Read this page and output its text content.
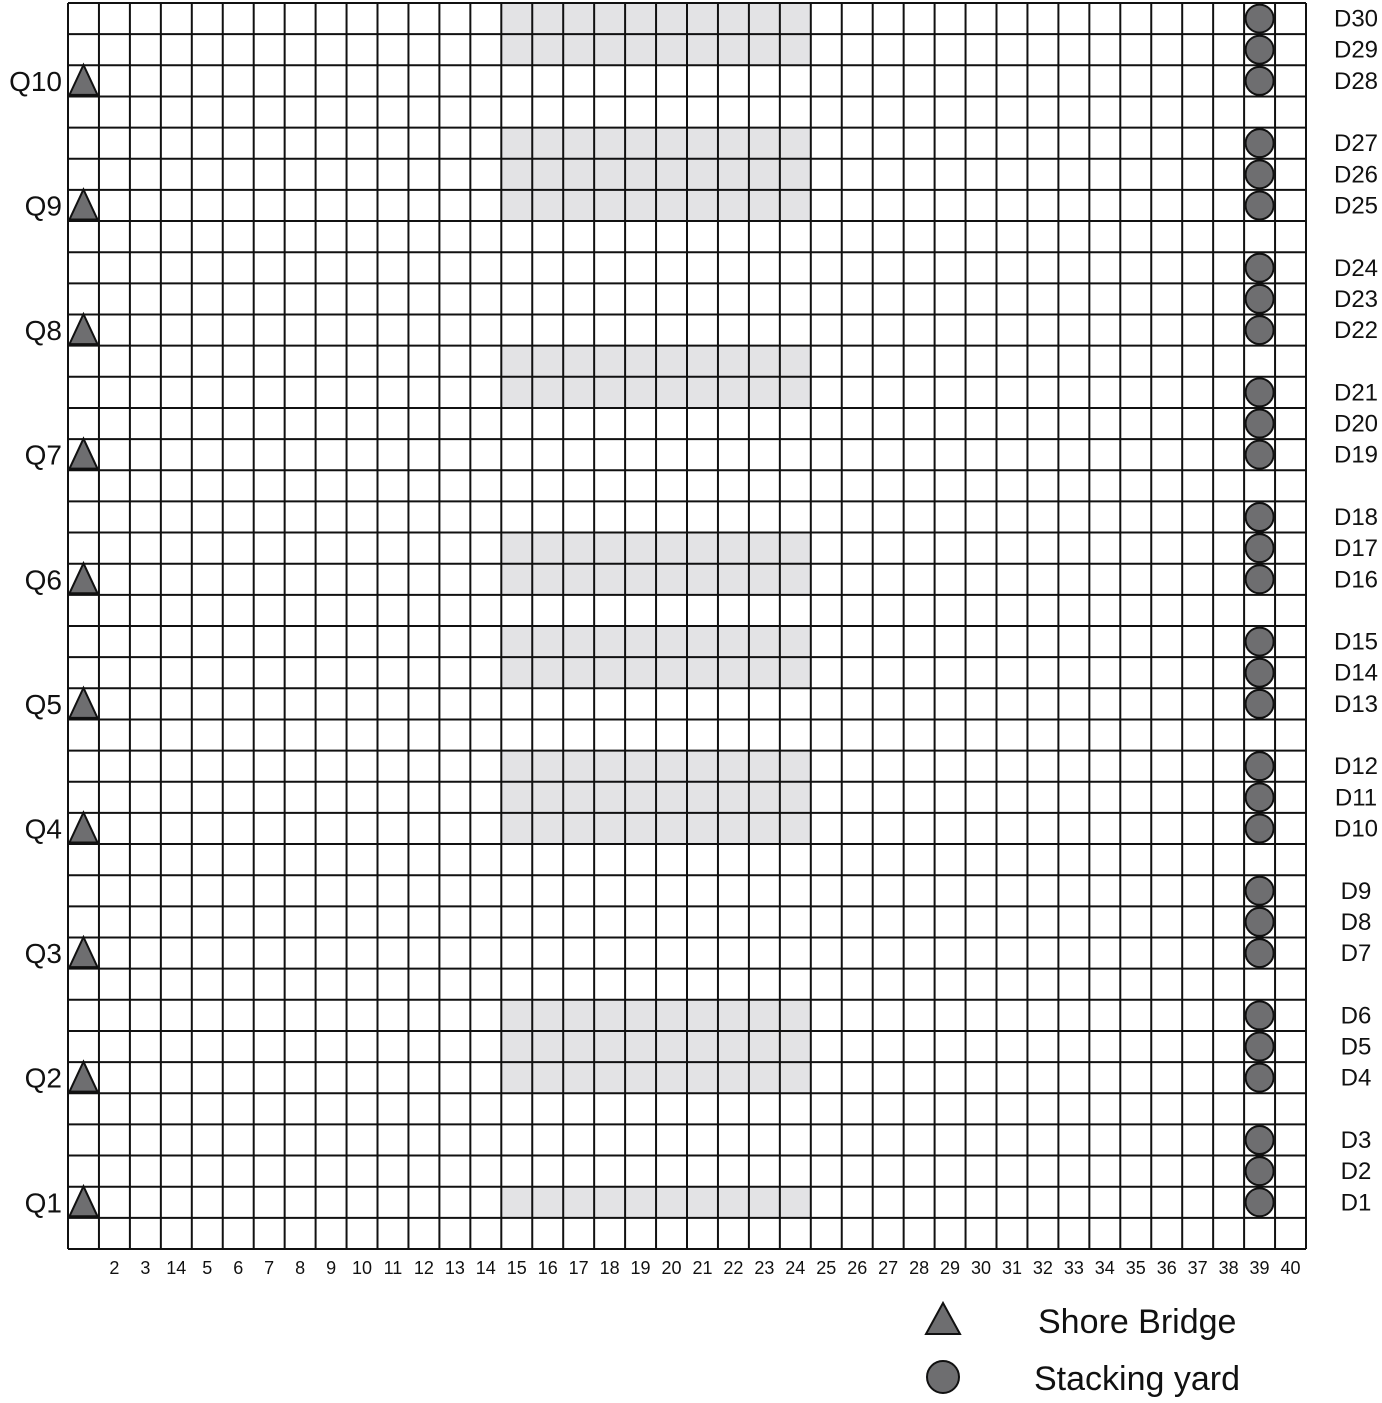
2 3 14 5 6 7 8 9 10 11 12 13 14 15 16 17 18 19 20 21 22 23 24 25 26 27 28 29 30 31 32 33 34 35 36 37 38 39 40
Q10
Q9
Q8
Q7
Q6
Q5
Q4
Q3
Q2
Q1
D30
D29
D28
D27
D26
D25
D24
D23
D22
D21
D20
D19
D18
D17
D16
D15
D14
D13
D12
D11
D10
D9
D8
D7
D6
D5
D4
D3
D2
D1
Shore Bridge
Stacking yard
